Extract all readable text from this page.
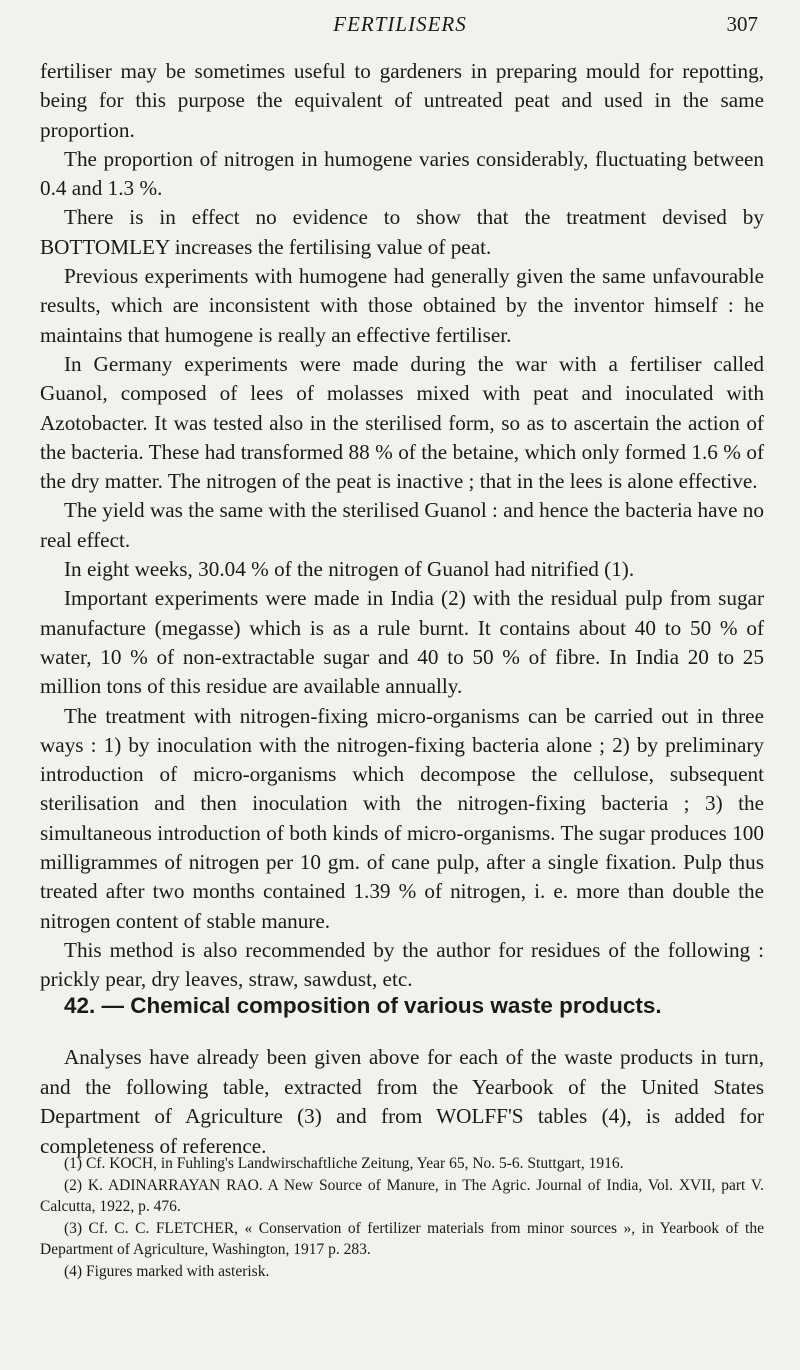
FERTILISERS	307

fertiliser may be sometimes useful to gardeners in preparing mould for repotting, being for this purpose the equivalent of untreated peat and used in the same proportion.

The proportion of nitrogen in humogene varies considerably, fluctuating between 0.4 and 1.3 %.

There is in effect no evidence to show that the treatment devised by BOTTOMLEY increases the fertilising value of peat.

Previous experiments with humogene had generally given the same unfavourable results, which are inconsistent with those obtained by the inventor himself : he maintains that humogene is really an effective fertiliser.

In Germany experiments were made during the war with a fertiliser called Guanol, composed of lees of molasses mixed with peat and inoculated with Azotobacter. It was tested also in the sterilised form, so as to ascertain the action of the bacteria. These had transformed 88 % of the betaine, which only formed 1.6 % of the dry matter. The nitrogen of the peat is inactive ; that in the lees is alone effective.

The yield was the same with the sterilised Guanol : and hence the bacteria have no real effect.

In eight weeks, 30.04 % of the nitrogen of Guanol had nitrified (1).

Important experiments were made in India (2) with the residual pulp from sugar manufacture (megasse) which is as a rule burnt. It contains about 40 to 50 % of water, 10 % of non-extractable sugar and 40 to 50 % of fibre. In India 20 to 25 million tons of this residue are available annually.

The treatment with nitrogen-fixing micro-organisms can be carried out in three ways : 1) by inoculation with the nitrogen-fixing bacteria alone ; 2) by preliminary introduction of micro-organisms which decompose the cellulose, subsequent sterilisation and then inoculation with the nitrogen-fixing bacteria ; 3) the simultaneous introduction of both kinds of micro-organisms. The sugar produces 100 milligrammes of nitrogen per 10 gm. of cane pulp, after a single fixation. Pulp thus treated after two months contained 1.39 % of nitrogen, i. e. more than double the nitrogen content of stable manure.

This method is also recommended by the author for residues of the following : prickly pear, dry leaves, straw, sawdust, etc.

42. — Chemical composition of various waste products.

Analyses have already been given above for each of the waste products in turn, and the following table, extracted from the Yearbook of the United States Department of Agriculture (3) and from WOLFF'S tables (4), is added for completeness of reference.

(1) Cf. KOCH, in Fuhling's Landwirschaftliche Zeitung, Year 65, No. 5-6. Stuttgart, 1916.

(2) K. ADINARRAYAN RAO. A New Source of Manure, in The Agric. Journal of India, Vol. XVII, part V. Calcutta, 1922, p. 476.

(3) Cf. C. C. FLETCHER, « Conservation of fertilizer materials from minor sources », in Yearbook of the Department of Agriculture, Washington, 1917 p. 283.

(4) Figures marked with asterisk.
